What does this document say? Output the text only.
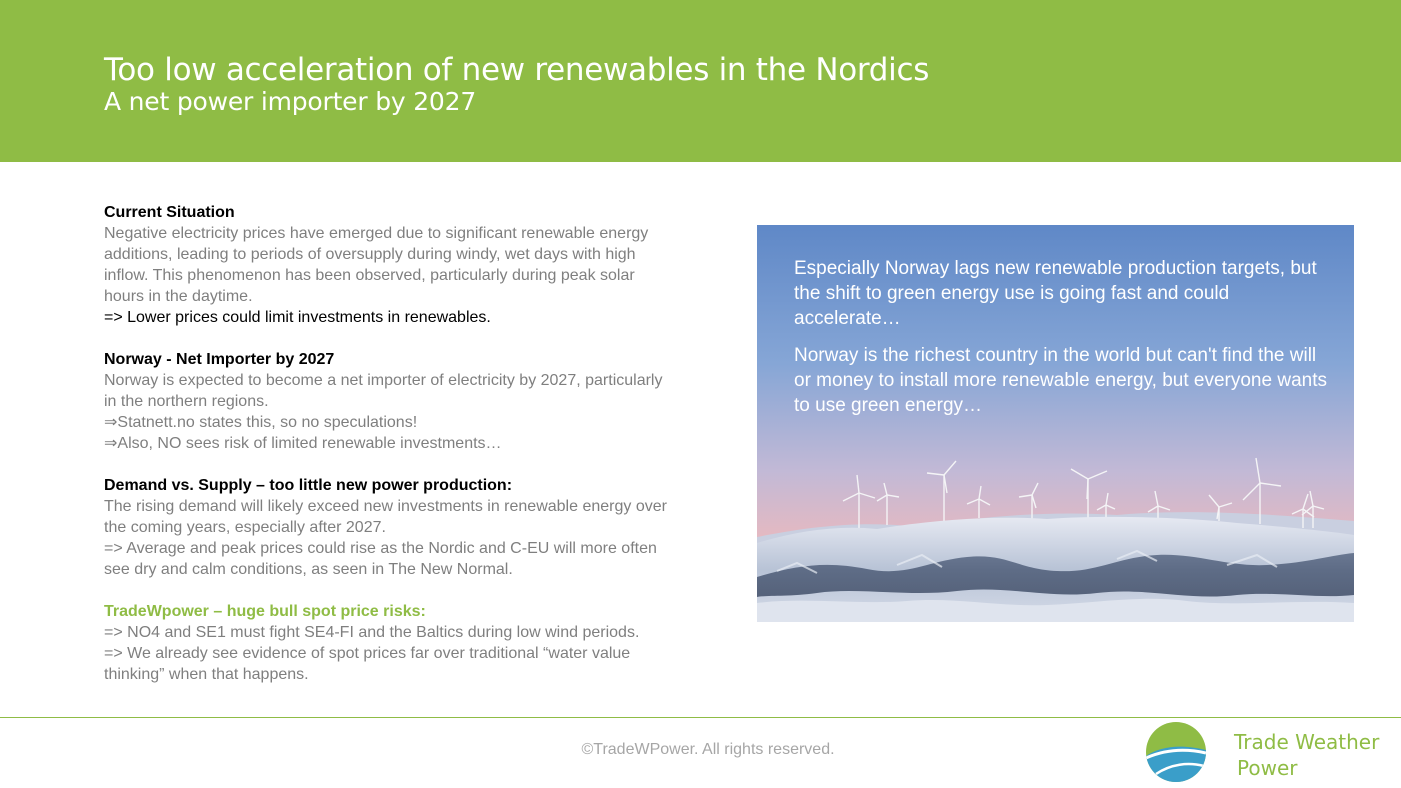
Too low acceleration of new renewables in the Nordics
A net power importer by 2027
Current Situation
Negative electricity prices have emerged due to significant renewable energy
additions, leading to periods of oversupply during windy, wet days with high
inflow. This phenomenon has been observed, particularly during peak solar
hours in the daytime.
=> Lower prices could limit investments in renewables.
Norway - Net Importer by 2027
Norway is expected to become a net importer of electricity by 2027, particularly
in the northern regions.
⇒Statnett.no states this, so no speculations!
⇒Also, NO sees risk of limited renewable investments…
Demand vs. Supply – too little new power production:
The rising demand will likely exceed new investments in renewable energy over
the coming years, especially after 2027.
=> Average and peak prices could rise as the Nordic and C-EU will more often
see dry and calm conditions, as seen in The New Normal.
TradeWpower – huge bull spot price risks:
=> NO4 and SE1 must fight SE4-FI and the Baltics during low wind periods.
=> We already see evidence of spot prices far over traditional “water value
thinking” when that happens.

Especially Norway lags new renewable production targets, but the shift to green energy use is going fast and could accelerate…

Norway is the richest country in the world but can't find the will or money to install more renewable energy, but everyone wants to use green energy…

©TradeWPower. All rights reserved.	Trade Weather
Power
